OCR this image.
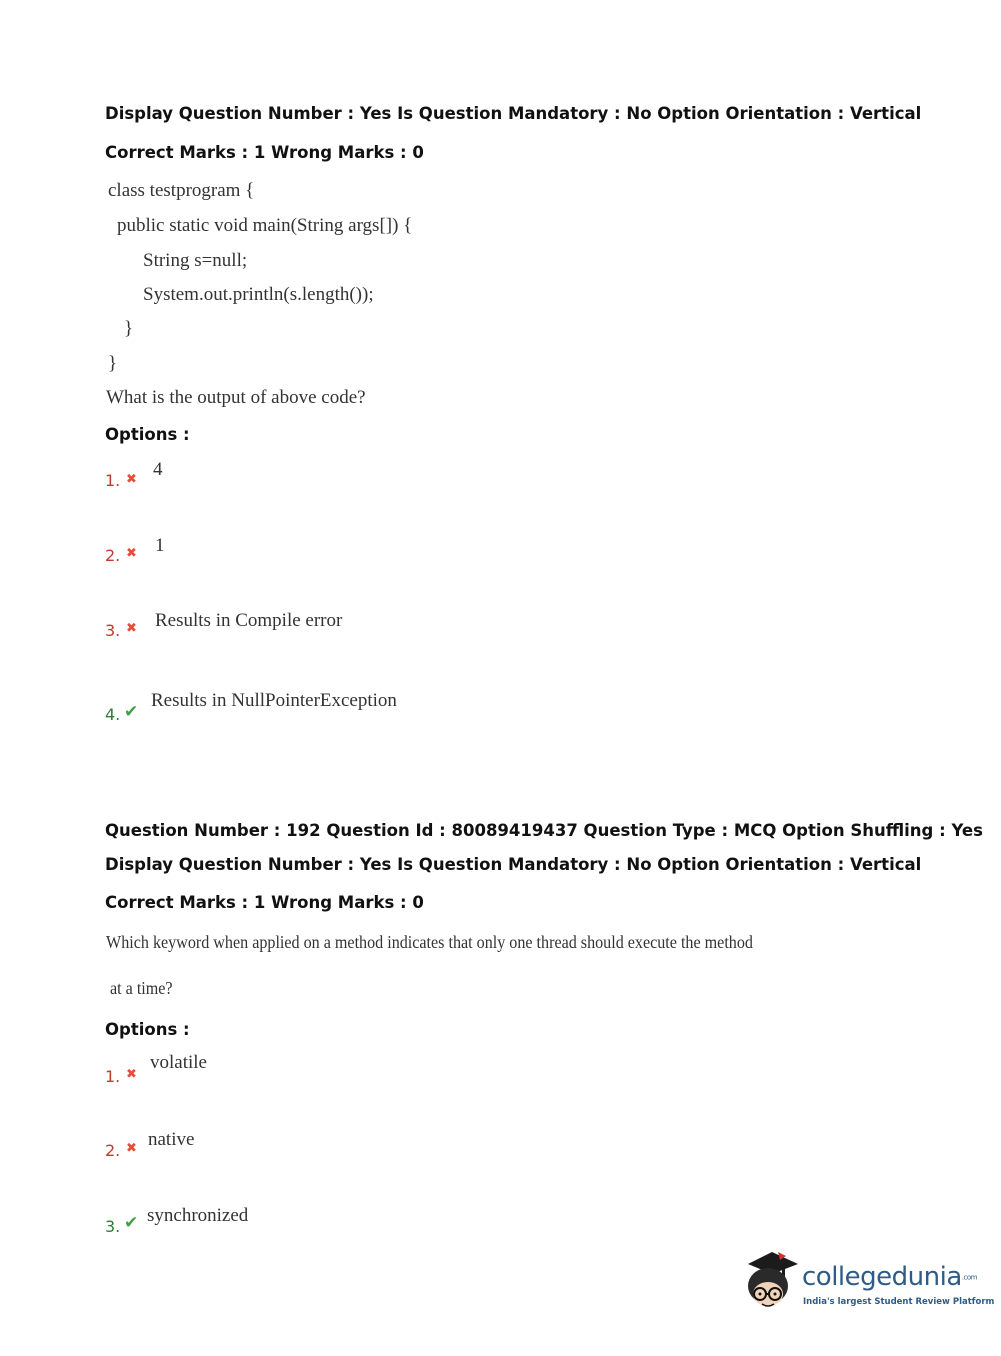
Display Question Number : Yes Is Question Mandatory : No Option Orientation : Vertical
Correct Marks : 1 Wrong Marks : 0
class testprogram {
public static void main(String args[]) {
String s=null;
System.out.println(s.length());
}
}
What is the output of above code?
Options :
1. ✖ 4
2. ✖ 1
3. ✖ Results in Compile error
4. ✔
Results in NullPointerException
Question Number : 192 Question Id : 80089419437 Question Type : MCQ Option Shuffling : Yes
Display Question Number : Yes Is Question Mandatory : No Option Orientation : Vertical
Correct Marks : 1 Wrong Marks : 0
Which keyword when applied on a method indicates that only one thread should execute the method
at a time?
Options :
1. ✖
volatile
2. ✖ native
3. ✔ synchronized
collegedunia.com
India's largest Student Review Platform
